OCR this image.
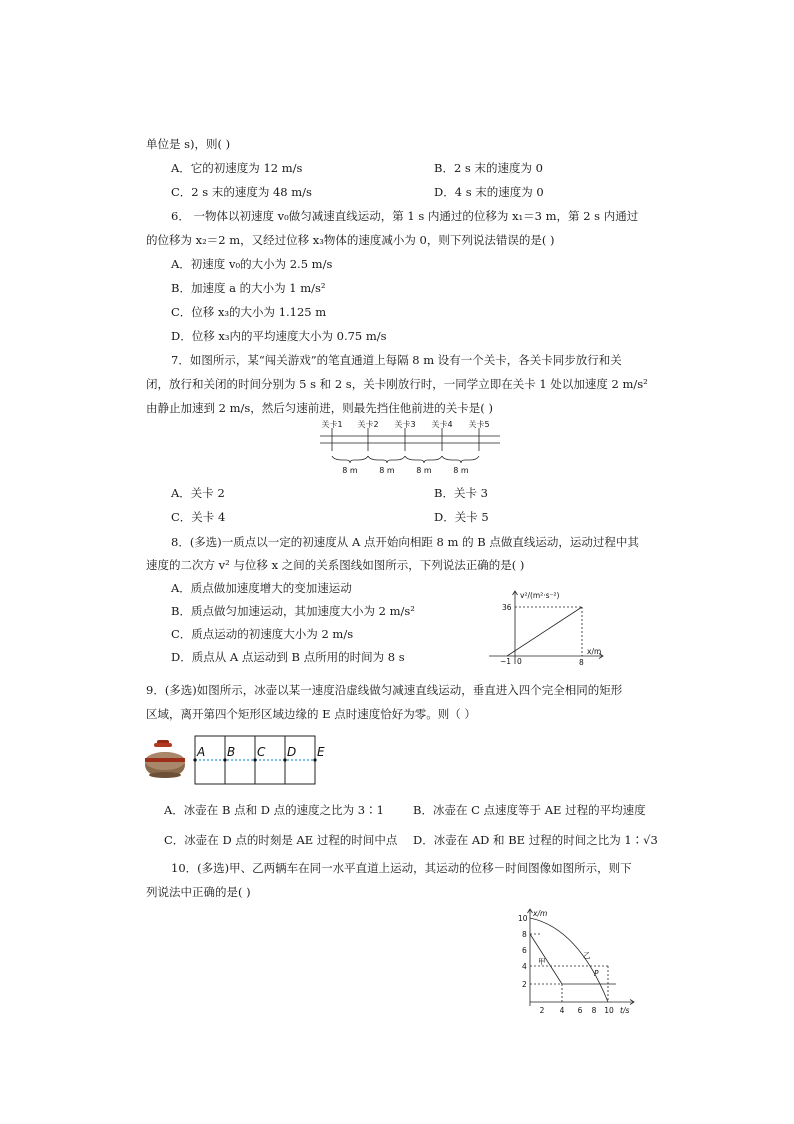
单位是 s)，则( )
A．它的初速度为 12 m/s	B．2 s 末的速度为 0
C．2 s 末的速度为 48 m/s	D．4 s 末的速度为 0
6． 一物体以初速度 v₀做匀减速直线运动，第 1 s 内通过的位移为 x₁＝3 m，第 2 s 内通过
的位移为 x₂＝2 m，又经过位移 x₃物体的速度减小为 0，则下列说法错误的是( )
A．初速度 v₀的大小为 2.5 m/s
B．加速度 a 的大小为 1 m/s²
C．位移 x₃的大小为 1.125 m
D．位移 x₃内的平均速度大小为 0.75 m/s
7．如图所示，某“闯关游戏”的笔直通道上每隔 8 m 设有一个关卡，各关卡同步放行和关
闭，放行和关闭的时间分别为 5 s 和 2 s，关卡刚放行时，一同学立即在关卡 1 处以加速度 2 m/s²
由静止加速到 2 m/s，然后匀速前进，则最先挡住他前进的关卡是( )
关卡1 关卡2 关卡3 关卡4 关卡5
8 m	8 m	8 m	8 m
A．关卡 2	B．关卡 3
C．关卡 4	D．关卡 5
8．(多选)一质点以一定的初速度从 A 点开始向相距 8 m 的 B 点做直线运动，运动过程中其
速度的二次方 v² 与位移 x 之间的关系图线如图所示，下列说法正确的是( )
A．质点做加速度增大的变加速运动
B．质点做匀加速运动，其加速度大小为 2 m/s²
C．质点运动的初速度大小为 2 m/s
D．质点从 A 点运动到 B 点所用的时间为 8 s
v²/(m²·s⁻²)
x/m
36
−1 0	8
9．(多选)如图所示，冰壶以某一速度沿虚线做匀减速直线运动，垂直进入四个完全相同的矩形
区域，离开第四个矩形区域边缘的 E 点时速度恰好为零。则（ ）
A B C D E
A．冰壶在 B 点和 D 点的速度之比为 3∶1	B．冰壶在 C 点速度等于 AE 过程的平均速度
C．冰壶在 D 点的时刻是 AE 过程的时间中点 D．冰壶在 AD 和 BE 过程的时间之比为 1∶√3
10．(多选)甲、乙两辆车在同一水平直道上运动，其运动的位移－时间图像如图所示，则下
列说法中正确的是( )
x/m
t/s
10
8
6
4
2
2 4 6 8 10
甲
乙
P
